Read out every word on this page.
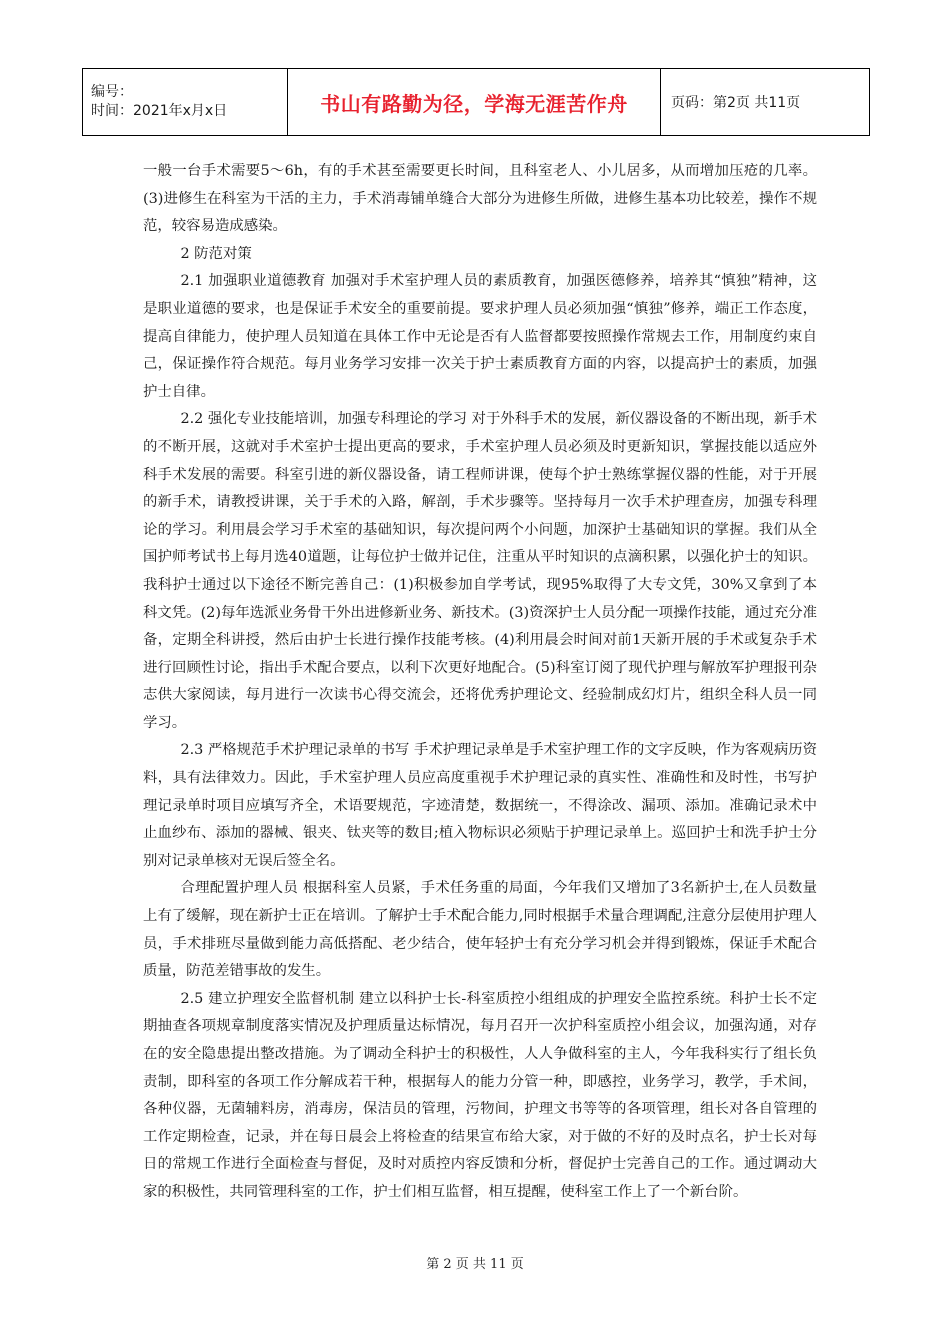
编号：
时间：2021年x月x日	书山有路勤为径，学海无涯苦作舟	页码：第2页 共11页

一般一台手术需要5～6h，有的手术甚至需要更长时间，且科室老人、小儿居多，从而增加压疮的几率。(3)进修生在科室为干活的主力，手术消毒铺单缝合大部分为进修生所做，进修生基本功比较差，操作不规范，较容易造成感染。

2 防范对策

2.1 加强职业道德教育 加强对手术室护理人员的素质教育，加强医德修养，培养其“慎独”精神，这是职业道德的要求，也是保证手术安全的重要前提。要求护理人员必须加强“慎独”修养，端正工作态度，提高自律能力，使护理人员知道在具体工作中无论是否有人监督都要按照操作常规去工作，用制度约束自己，保证操作符合规范。每月业务学习安排一次关于护士素质教育方面的内容，以提高护士的素质，加强护士自律。

2.2 强化专业技能培训，加强专科理论的学习 对于外科手术的发展，新仪器设备的不断出现，新手术的不断开展，这就对手术室护士提出更高的要求，手术室护理人员必须及时更新知识，掌握技能以适应外科手术发展的需要。科室引进的新仪器设备，请工程师讲课，使每个护士熟练掌握仪器的性能，对于开展的新手术，请教授讲课，关于手术的入路，解剖，手术步骤等。坚持每月一次手术护理查房，加强专科理论的学习。利用晨会学习手术室的基础知识，每次提问两个小问题，加深护士基础知识的掌握。我们从全国护师考试书上每月选40道题，让每位护士做并记住，注重从平时知识的点滴积累，以强化护士的知识。我科护士通过以下途径不断完善自己：(1)积极参加自学考试，现95%取得了大专文凭，30%又拿到了本科文凭。(2)每年选派业务骨干外出进修新业务、新技术。(3)资深护士人员分配一项操作技能，通过充分准备，定期全科讲授，然后由护士长进行操作技能考核。(4)利用晨会时间对前1天新开展的手术或复杂手术进行回顾性讨论，指出手术配合要点，以利下次更好地配合。(5)科室订阅了现代护理与解放军护理报刊杂志供大家阅读，每月进行一次读书心得交流会，还将优秀护理论文、经验制成幻灯片，组织全科人员一同学习。

2.3 严格规范手术护理记录单的书写 手术护理记录单是手术室护理工作的文字反映，作为客观病历资料，具有法律效力。因此，手术室护理人员应高度重视手术护理记录的真实性、准确性和及时性，书写护理记录单时项目应填写齐全，术语要规范，字迹清楚，数据统一，不得涂改、漏项、添加。准确记录术中止血纱布、添加的器械、银夹、钛夹等的数目;植入物标识必须贴于护理记录单上。巡回护士和洗手护士分别对记录单核对无误后签全名。

合理配置护理人员 根据科室人员紧，手术任务重的局面，今年我们又增加了3名新护士,在人员数量上有了缓解，现在新护士正在培训。了解护士手术配合能力,同时根据手术量合理调配,注意分层使用护理人员，手术排班尽量做到能力高低搭配、老少结合，使年轻护士有充分学习机会并得到锻炼，保证手术配合质量，防范差错事故的发生。

2.5 建立护理安全监督机制 建立以科护士长-科室质控小组组成的护理安全监控系统。科护士长不定期抽查各项规章制度落实情况及护理质量达标情况，每月召开一次护科室质控小组会议，加强沟通，对存在的安全隐患提出整改措施。为了调动全科护士的积极性，人人争做科室的主人，今年我科实行了组长负责制，即科室的各项工作分解成若干种，根据每人的能力分管一种，即感控，业务学习，教学，手术间，各种仪器，无菌辅料房，消毒房，保洁员的管理，污物间，护理文书等等的各项管理，组长对各自管理的工作定期检查，记录，并在每日晨会上将检查的结果宣布给大家，对于做的不好的及时点名，护士长对每日的常规工作进行全面检查与督促，及时对质控内容反馈和分析，督促护士完善自己的工作。通过调动大家的积极性，共同管理科室的工作，护士们相互监督，相互提醒，使科室工作上了一个新台阶。

第 2 页 共 11 页
